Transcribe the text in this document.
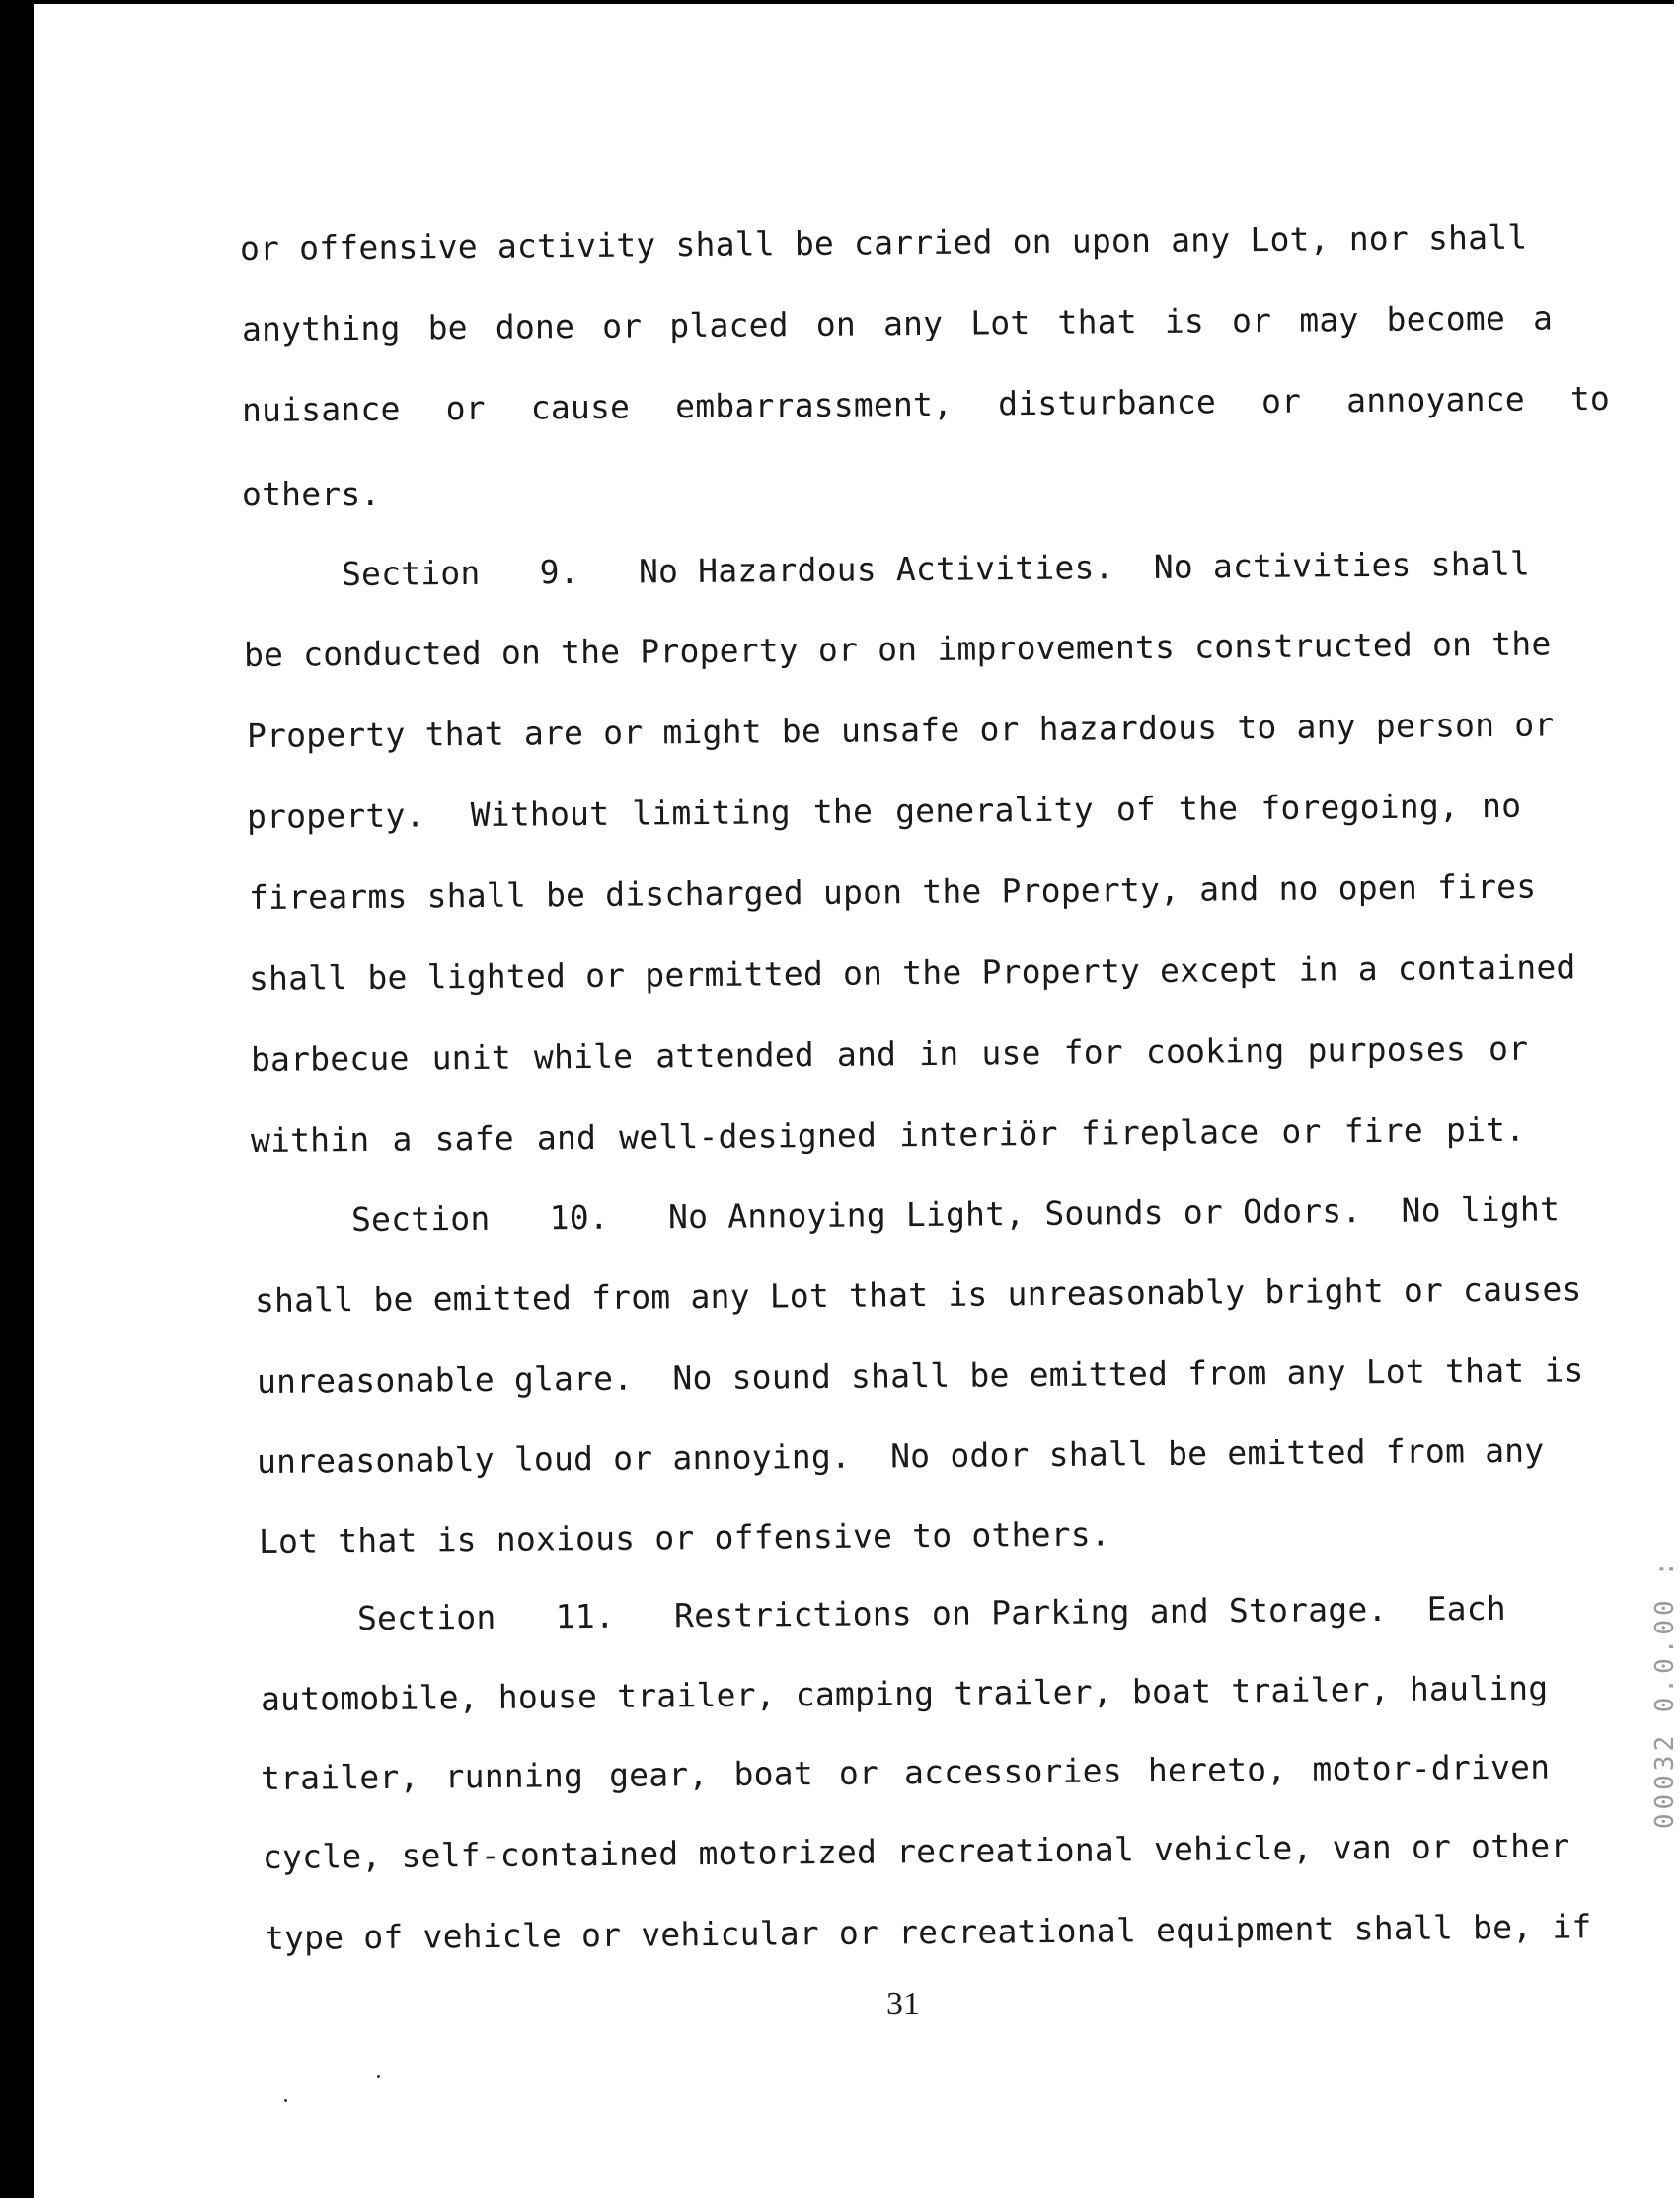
or offensive activity shall be carried on upon any Lot, nor shall
anything be done or placed on any Lot that is or may become a
nuisance or cause embarrassment, disturbance or annoyance to
others.
Section   9.   No Hazardous Activities.  No activities shall
be conducted on the Property or on improvements constructed on the
Property that are or might be unsafe or hazardous to any person or
property.  Without limiting the generality of the foregoing, no
firearms shall be discharged upon the Property, and no open fires
shall be lighted or permitted on the Property except in a contained
barbecue unit while attended and in use for cooking purposes or
within a safe and well-designed interiör fireplace or fire pit.
Section   10.   No Annoying Light, Sounds or Odors.  No light
shall be emitted from any Lot that is unreasonably bright or causes
unreasonable glare.  No sound shall be emitted from any Lot that is
unreasonably loud or annoying.  No odor shall be emitted from any
Lot that is noxious or offensive to others.
Section   11.   Restrictions on Parking and Storage.  Each
automobile, house trailer, camping trailer, boat trailer, hauling
trailer, running gear, boat or accessories hereto, motor-driven
cycle, self-contained motorized recreational vehicle, van or other
type of vehicle or vehicular or recreational equipment shall be, if
31
00032 0.0.00 :
